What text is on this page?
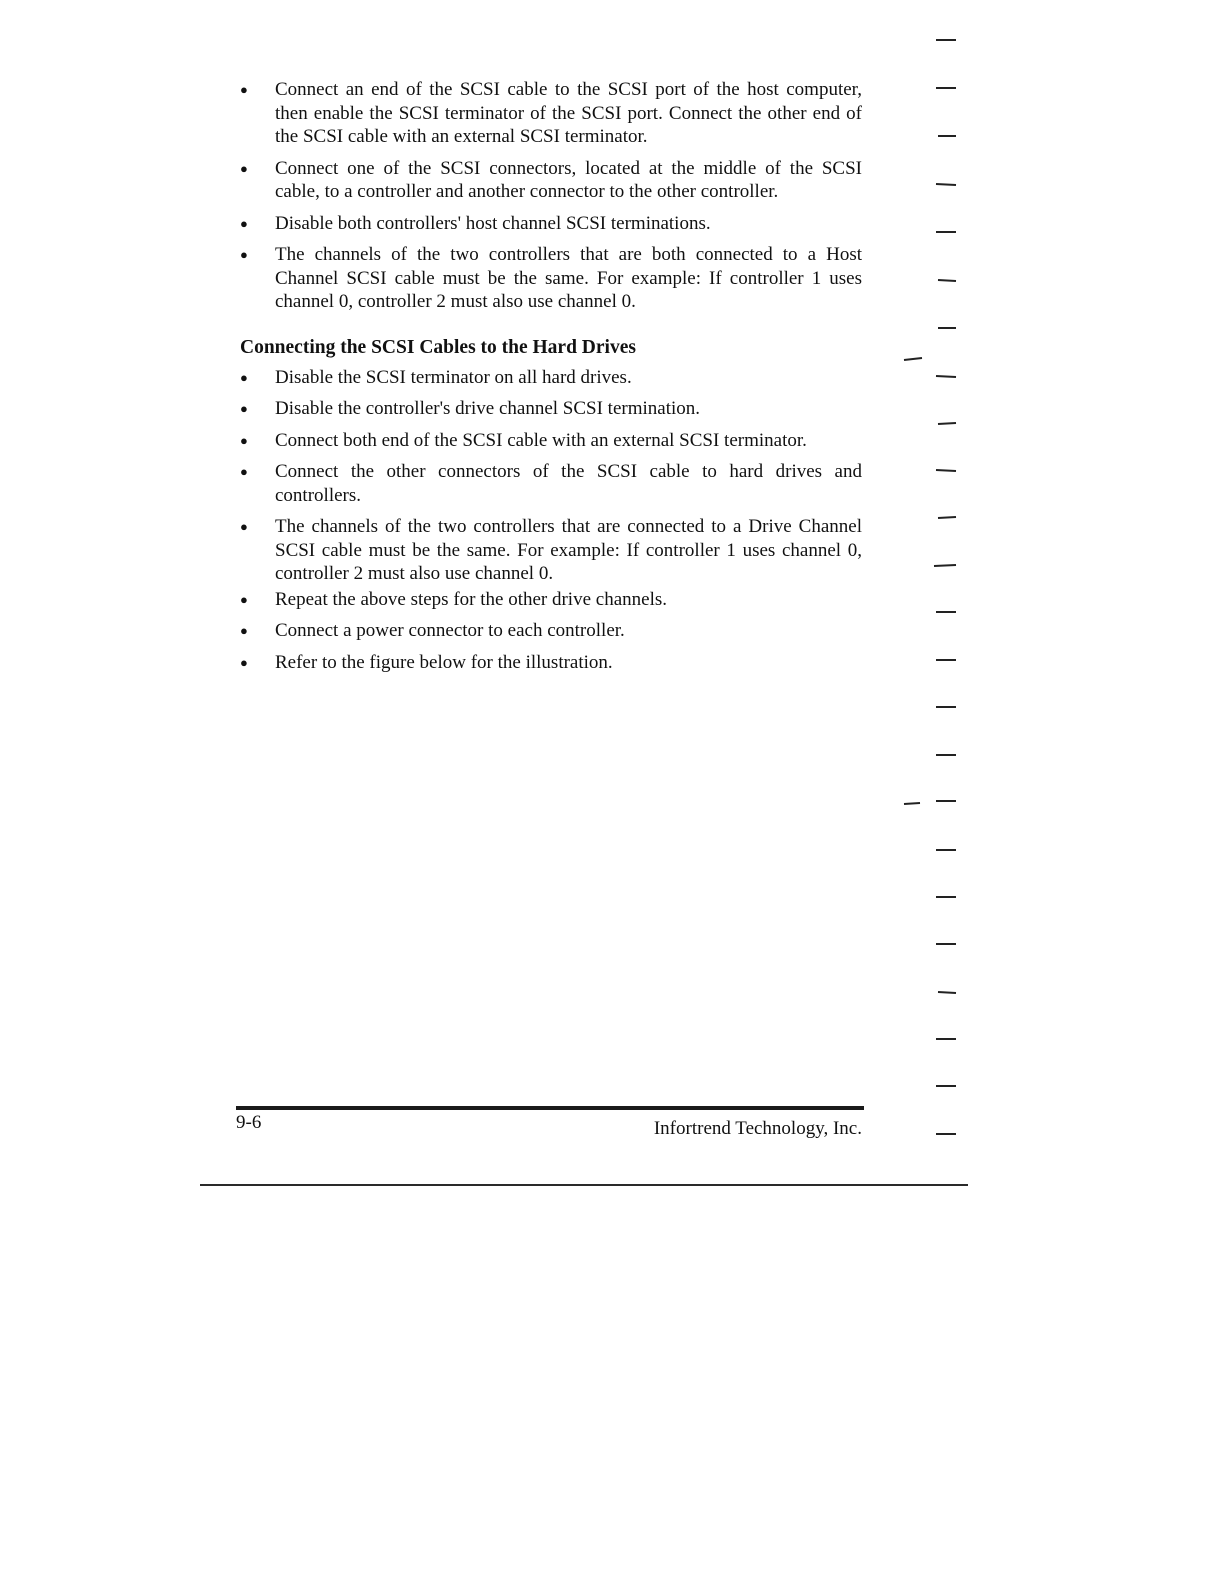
● Connect an end of the SCSI cable to the SCSI port of the host computer, then enable the SCSI terminator of the SCSI port. Connect the other end of the SCSI cable with an external SCSI terminator.
● Connect one of the SCSI connectors, located at the middle of the SCSI cable, to a controller and another connector to the other controller.
● Disable both controllers' host channel SCSI terminations.
● The channels of the two controllers that are both connected to a Host Channel SCSI cable must be the same. For example: If controller 1 uses channel 0, controller 2 must also use channel 0.
Connecting the SCSI Cables to the Hard Drives
● Disable the SCSI terminator on all hard drives.
● Disable the controller's drive channel SCSI termination.
● Connect both end of the SCSI cable with an external SCSI terminator.
● Connect the other connectors of the SCSI cable to hard drives and controllers.
● The channels of the two controllers that are connected to a Drive Channel SCSI cable must be the same. For example: If controller 1 uses channel 0, controller 2 must also use channel 0.
● Repeat the above steps for the other drive channels.
● Connect a power connector to each controller.
● Refer to the figure below for the illustration.
9-6	Infortrend Technology, Inc.
